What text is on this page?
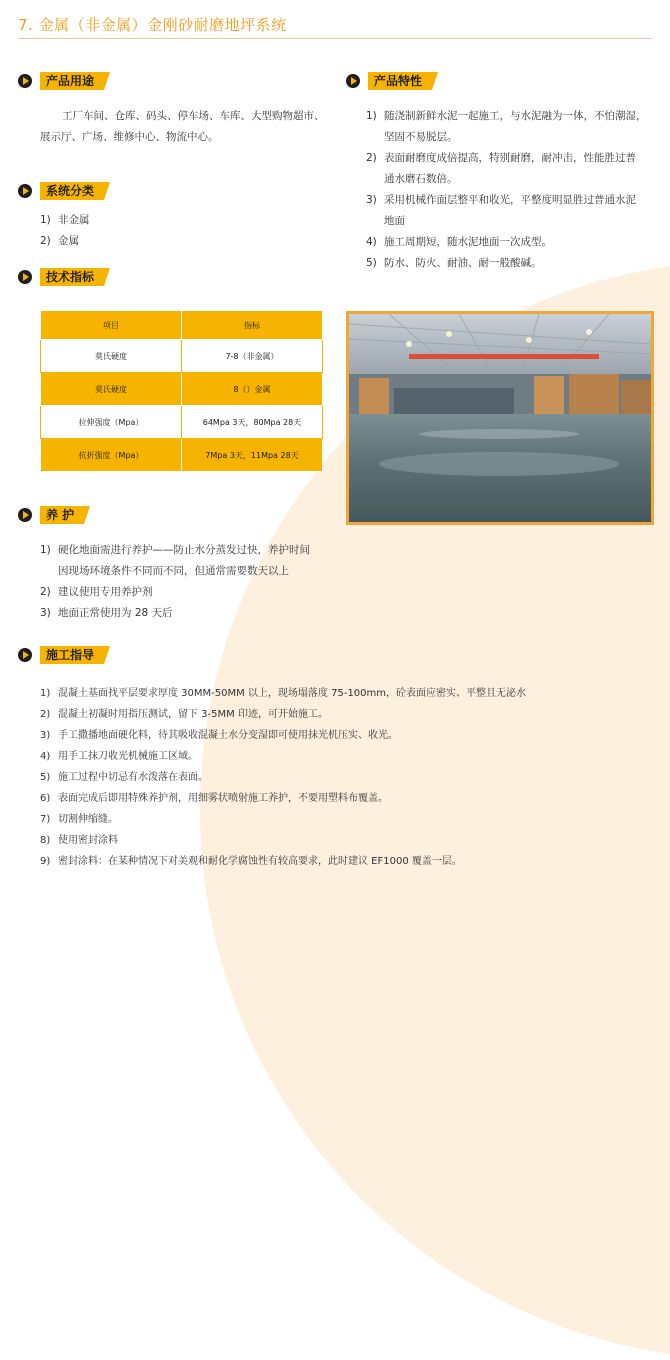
7. 金属（非金属）金刚砂耐磨地坪系统
产品用途
工厂车间、仓库、码头、停车场、车库、大型购物超市、
展示厅、广场、维修中心、物流中心。
产品特性
1) 随浇制新鲜水泥一起施工，与水泥融为一体，不怕潮湿，
坚固不易脱层。
2) 表面耐磨度成倍提高，特别耐磨，耐冲击，性能胜过普
通水磨石数倍。
3) 采用机械作面层整平和收光，平整度明显胜过普通水泥
地面
4) 施工周期短，随水泥地面一次成型。
5) 防水、防火、耐油、耐一般酸碱。
系统分类
1) 非金属
2) 金属
技术指标
项目	指标
莫氏硬度	7-8（非金属）
莫氏硬度	8（）金属
拉伸强度（Mpa）	64Mpa 3天，80Mpa 28天
抗折强度（Mpa）	7Mpa 3天，11Mpa 28天
养 护
1) 硬化地面需进行养护——防止水分蒸发过快，养护时间
因现场环境条件不同而不同，但通常需要数天以上
2) 建议使用专用养护剂
3) 地面正常使用为 28 天后
施工指导
1) 混凝土基面找平层要求厚度 30MM-50MM 以上，现场塌落度 75-100mm，砼表面应密实、平整且无泌水
2) 混凝土初凝时用指压测试，留下 3-5MM 印迹，可开始施工。
3) 手工撒播地面硬化料，待其吸收混凝土水分变湿即可使用抹光机压实、收光。
4) 用手工抹刀收光机械施工区域。
5) 施工过程中切忌有水泼落在表面。
6) 表面完成后即用特殊养护剂，用细雾状喷射施工养护，不要用塑料布覆盖。
7) 切割伸缩缝。
8) 使用密封涂料
9) 密封涂料：在某种情况下对美观和耐化学腐蚀性有较高要求，此时建议 EF1000 覆盖一层。
